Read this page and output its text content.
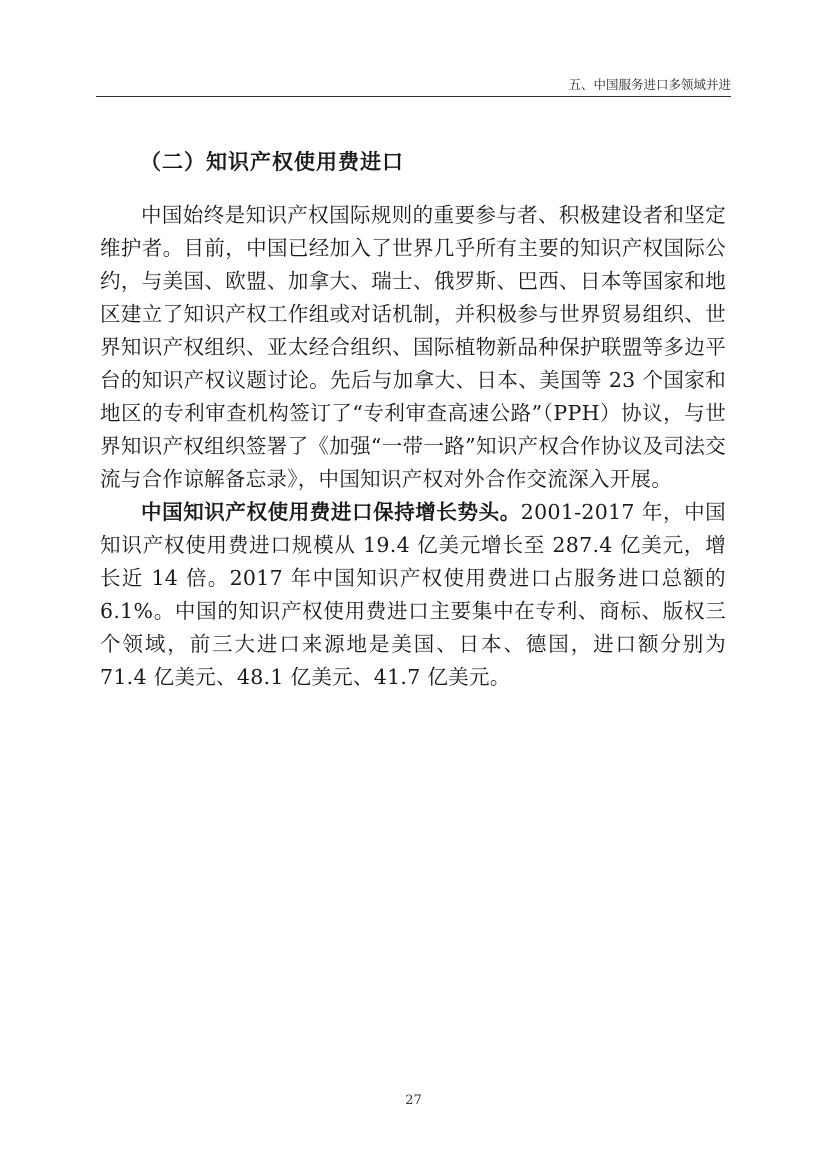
五、中国服务进口多领域并进
（二）知识产权使用费进口

中国始终是知识产权国际规则的重要参与者、积极建设者和坚定维护者。目前，中国已经加入了世界几乎所有主要的知识产权国际公约，与美国、欧盟、加拿大、瑞士、俄罗斯、巴西、日本等国家和地区建立了知识产权工作组或对话机制，并积极参与世界贸易组织、世界知识产权组织、亚太经合组织、国际植物新品种保护联盟等多边平台的知识产权议题讨论。先后与加拿大、日本、美国等 23 个国家和地区的专利审查机构签订了“专利审查高速公路”（PPH）协议，与世界知识产权组织签署了《加强“一带一路”知识产权合作协议及司法交流与合作谅解备忘录》，中国知识产权对外合作交流深入开展。

中国知识产权使用费进口保持增长势头。2001-2017 年，中国知识产权使用费进口规模从 19.4 亿美元增长至 287.4 亿美元，增长近 14 倍。2017 年中国知识产权使用费进口占服务进口总额的 6.1%。中国的知识产权使用费进口主要集中在专利、商标、版权三个领域，前三大进口来源地是美国、日本、德国，进口额分别为 71.4 亿美元、48.1 亿美元、41.7 亿美元。

27
